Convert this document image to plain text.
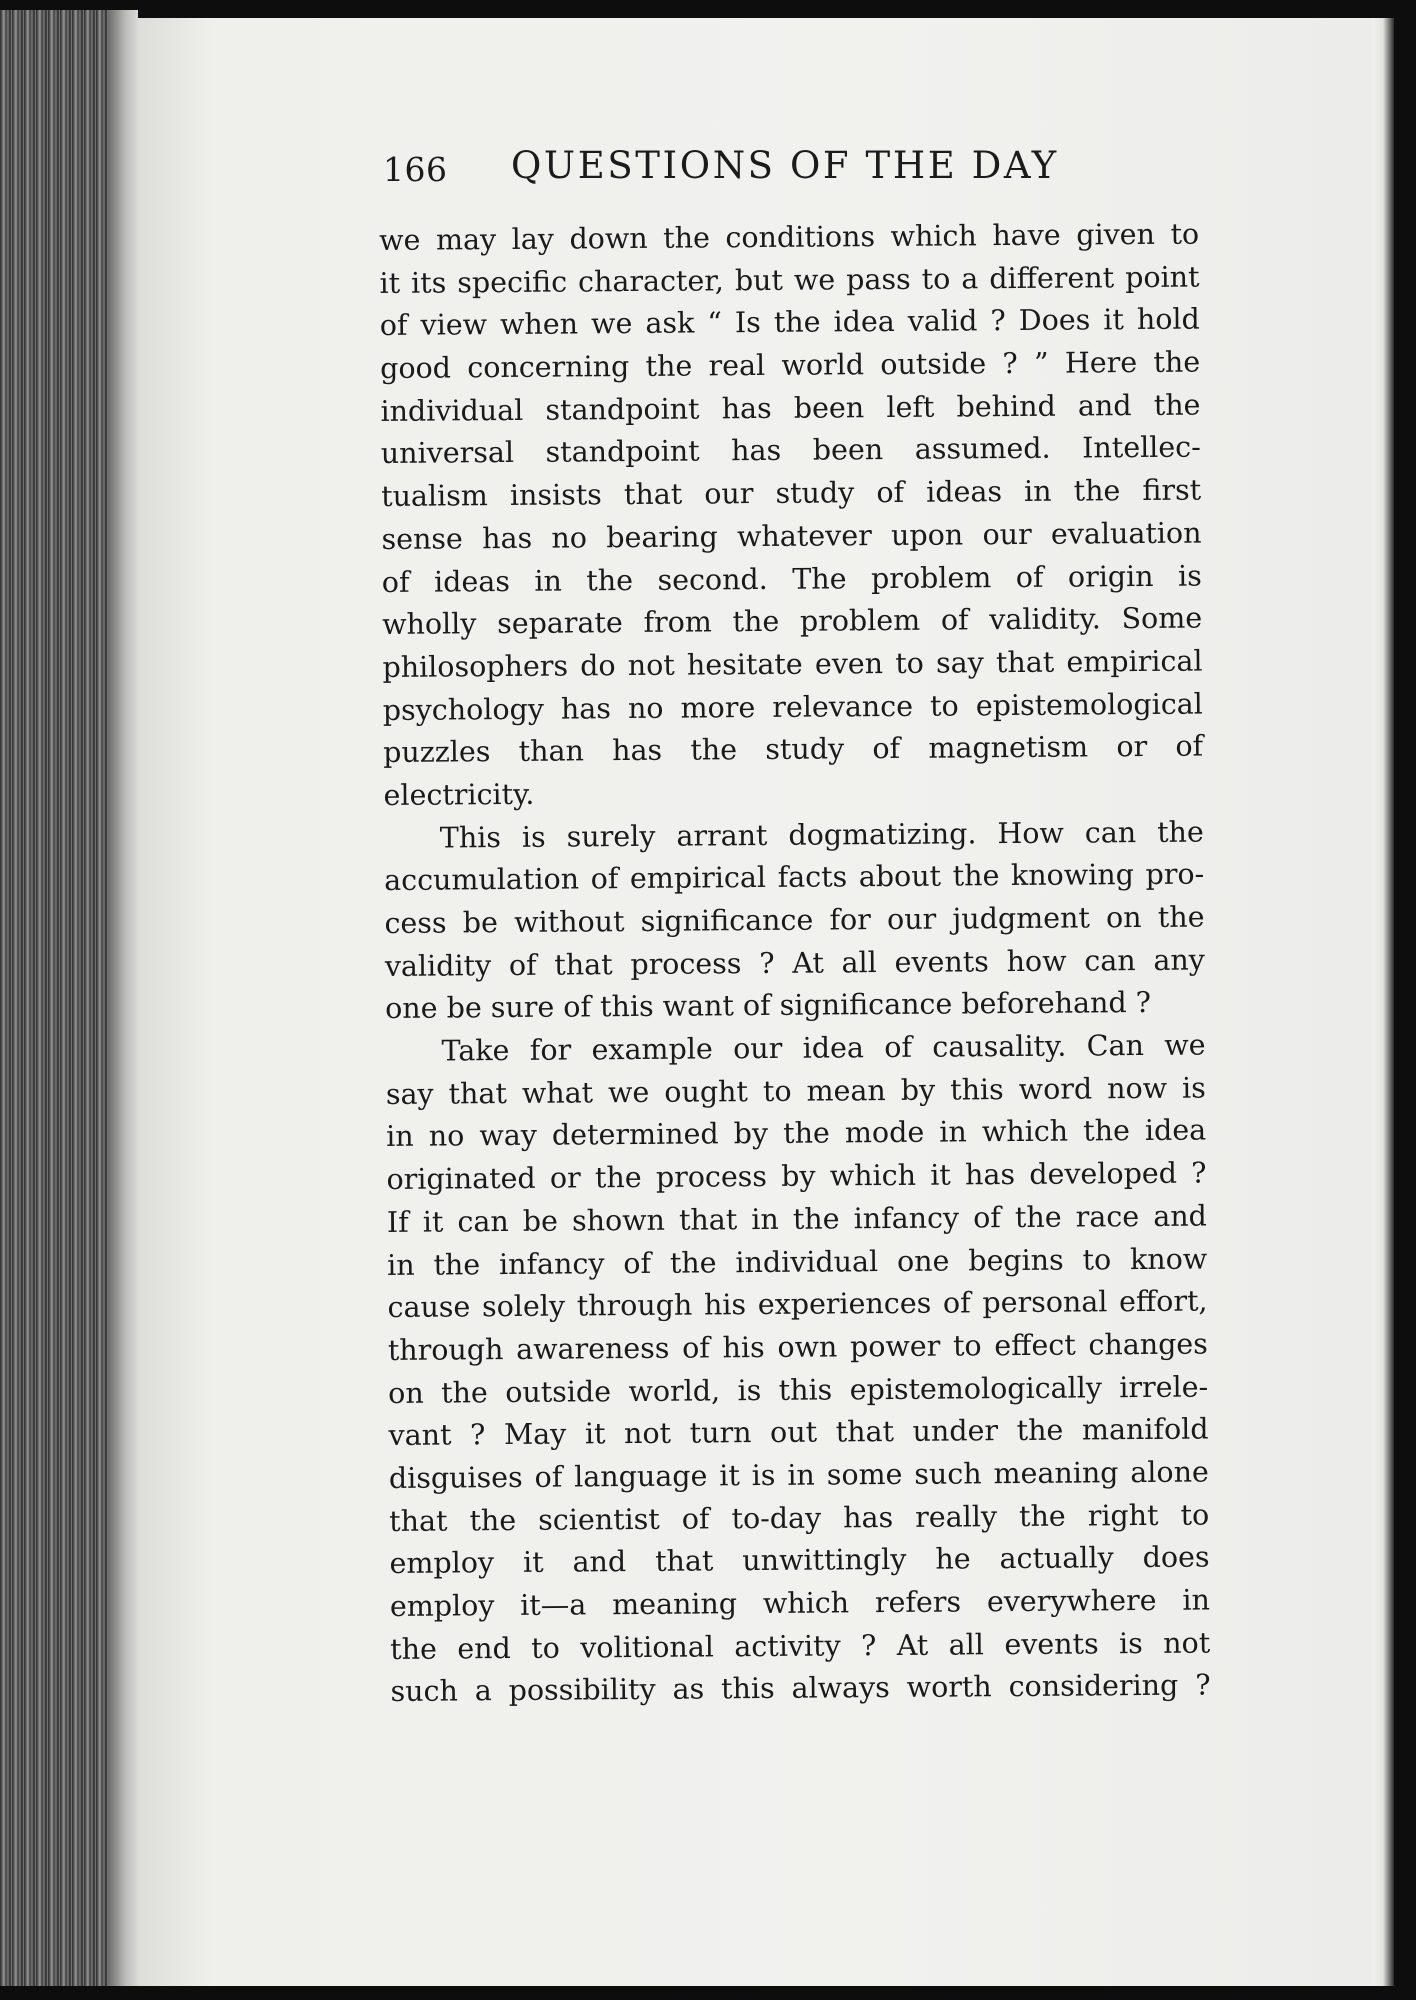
166 QUESTIONS OF THE DAY
we may lay down the conditions which have given to
it its specific character, but we pass to a different point
of view when we ask “ Is the idea valid ? Does it hold
good concerning the real world outside ? ” Here the
individual standpoint has been left behind and the
universal standpoint has been assumed. Intellec-
tualism insists that our study of ideas in the first
sense has no bearing whatever upon our evaluation
of ideas in the second. The problem of origin is
wholly separate from the problem of validity. Some
philosophers do not hesitate even to say that empirical
psychology has no more relevance to epistemological
puzzles than has the study of magnetism or of
electricity.
This is surely arrant dogmatizing. How can the
accumulation of empirical facts about the knowing pro-
cess be without significance for our judgment on the
validity of that process ? At all events how can any
one be sure of this want of significance beforehand ?
Take for example our idea of causality. Can we
say that what we ought to mean by this word now is
in no way determined by the mode in which the idea
originated or the process by which it has developed ?
If it can be shown that in the infancy of the race and
in the infancy of the individual one begins to know
cause solely through his experiences of personal effort,
through awareness of his own power to effect changes
on the outside world, is this epistemologically irrele-
vant ? May it not turn out that under the manifold
disguises of language it is in some such meaning alone
that the scientist of to-day has really the right to
employ it and that unwittingly he actually does
employ it—a meaning which refers everywhere in
the end to volitional activity ? At all events is not
such a possibility as this always worth considering ?
